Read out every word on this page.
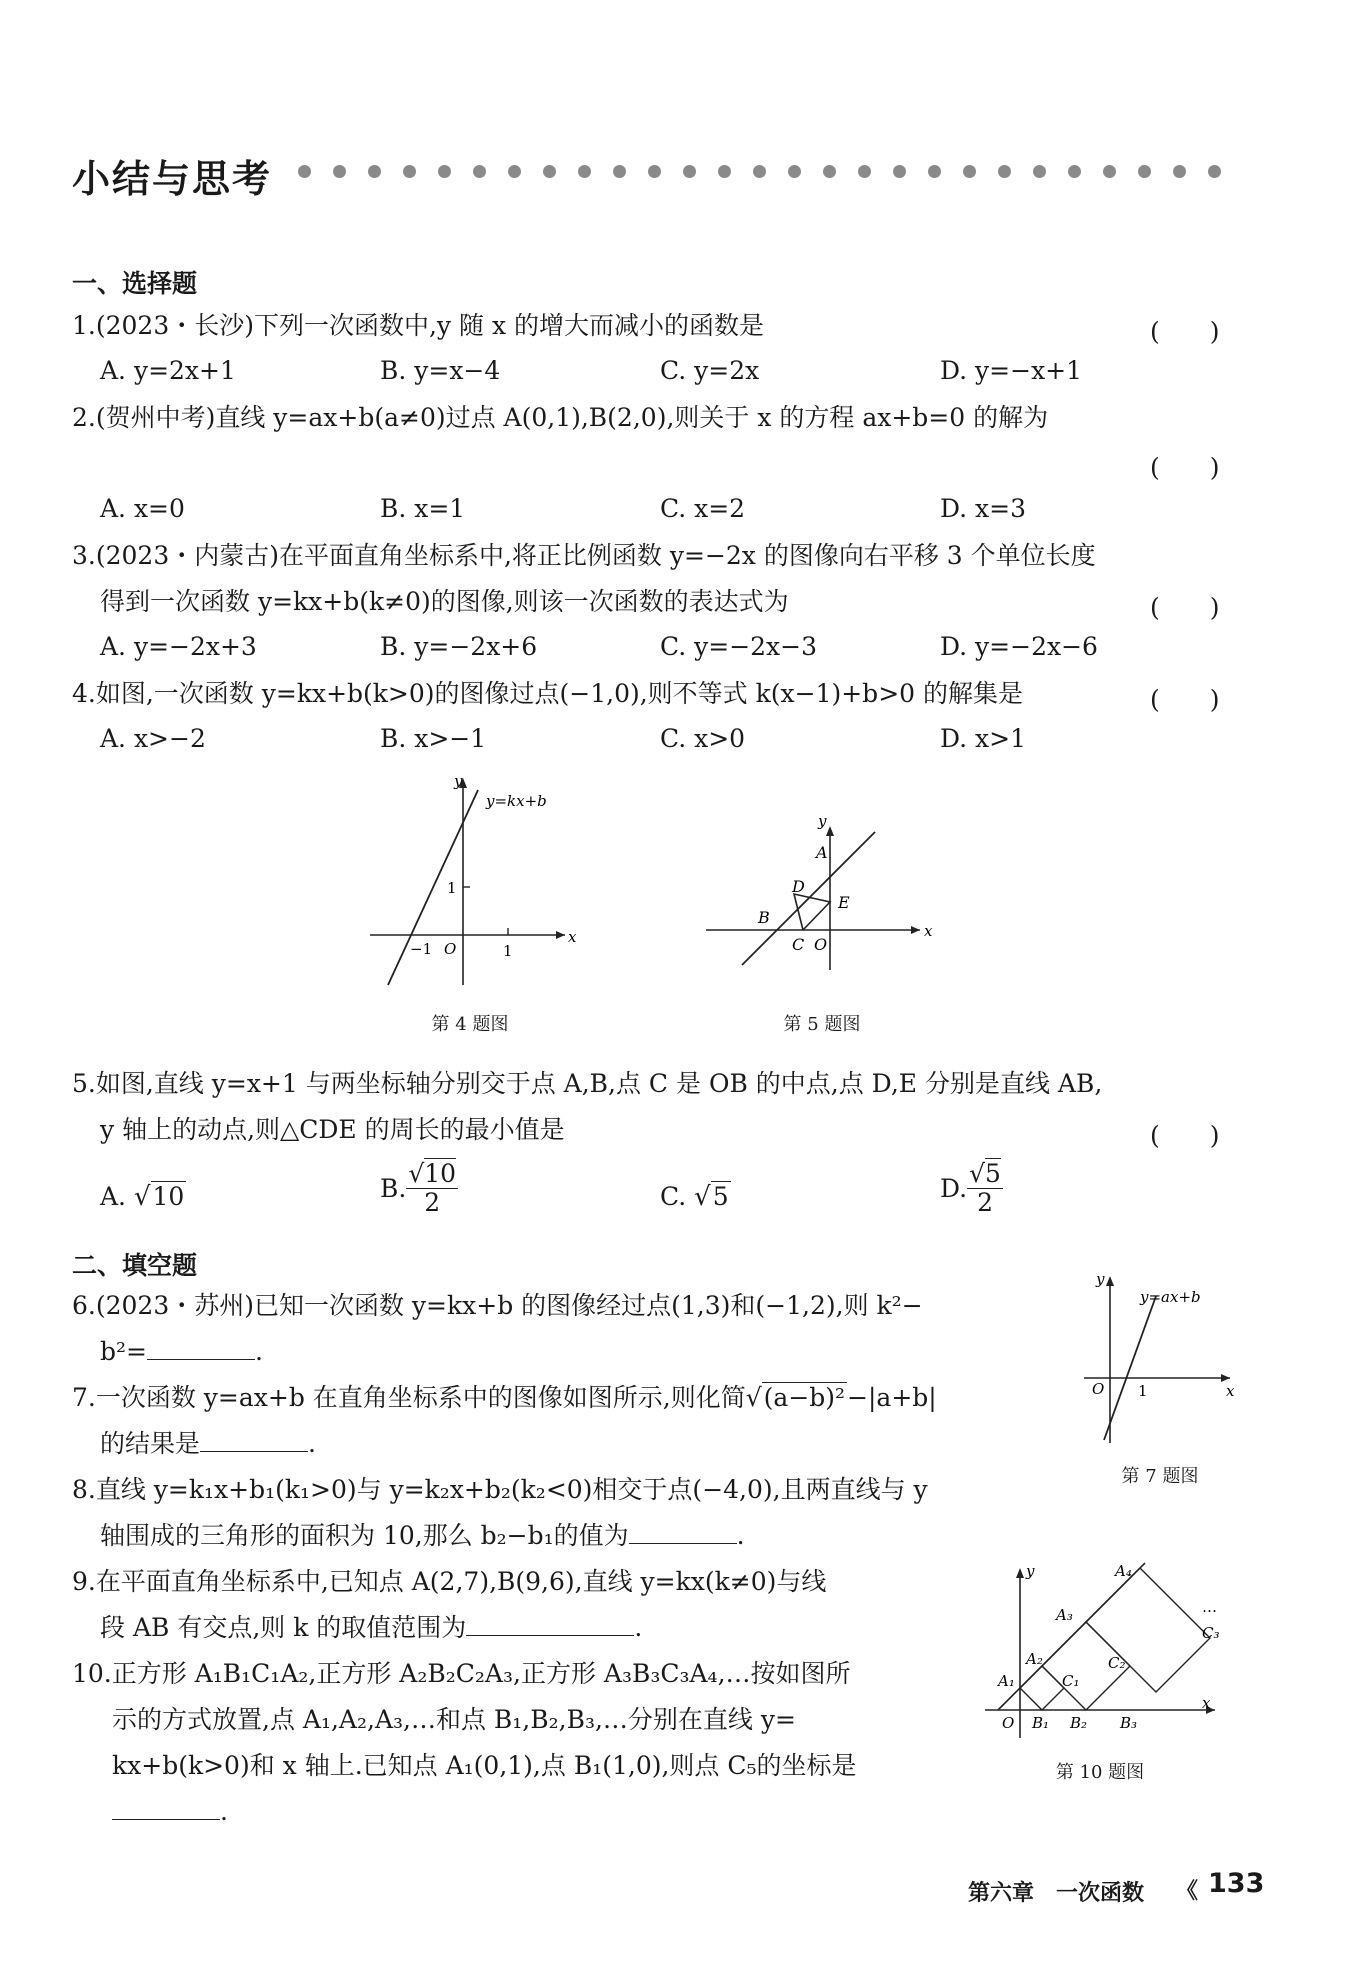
小结与思考
一、选择题
1.(2023・长沙)下列一次函数中,y 随 x 的增大而减小的函数是	(　　)
A. y=2x+1	B. y=x−4	C. y=2x	D. y=−x+1
2.(贺州中考)直线 y=ax+b(a≠0)过点 A(0,1),B(2,0),则关于 x 的方程 ax+b=0 的解为
(　　)
A. x=0	B. x=1	C. x=2	D. x=3
3.(2023・内蒙古)在平面直角坐标系中,将正比例函数 y=−2x 的图像向右平移 3 个单位长度
得到一次函数 y=kx+b(k≠0)的图像,则该一次函数的表达式为	(　　)
A. y=−2x+3	B. y=−2x+6	C. y=−2x−3	D. y=−2x−6
4.如图,一次函数 y=kx+b(k>0)的图像过点(−1,0),则不等式 k(x−1)+b>0 的解集是	(　　)
A. x>−2	B. x>−1	C. x>0	D. x>1
y
x
y=kx+b
1
−1 O	1
第 4 题图
y
x
A
B
C
D
E
O
第 5 题图
5.如图,直线 y=x+1 与两坐标轴分别交于点 A,B,点 C 是 OB 的中点,点 D,E 分别是直线 AB,
y 轴上的动点,则△CDE 的周长的最小值是	(　　)
A. √10	B.
√10
2	C. √5	D.
√5
2
二、填空题
6.(2023・苏州)已知一次函数 y=kx+b 的图像经过点(1,3)和(−1,2),则 k²−
b²=	.
y
x
y=ax+b
O 1
第 7 题图
7.一次函数 y=ax+b 在直角坐标系中的图像如图所示,则化简√(a−b)²−|a+b|
的结果是	.
8.直线 y=k₁x+b₁(k₁>0)与 y=k₂x+b₂(k₂<0)相交于点(−4,0),且两直线与 y
轴围成的三角形的面积为 10,那么 b₂−b₁的值为	.
9.在平面直角坐标系中,已知点 A(2,7),B(9,6),直线 y=kx(k≠0)与线
段 AB 有交点,则 k 的取值范围为	.
10.正方形 A₁B₁C₁A₂,正方形 A₂B₂C₂A₃,正方形 A₃B₃C₃A₄,…按如图所
示的方式放置,点 A₁,A₂,A₃,…和点 B₁,B₂,B₃,…分别在直线 y=
kx+b(k>0)和 x 轴上.已知点 A₁(0,1),点 B₁(1,0),则点 C₅的坐标是
.
y
x
O
A₁
A₂
A₃
A₄
B₁ B₂ B₃
C₁
C₂
C₃
…
第 10 题图
第六章　一次函数 《 133
